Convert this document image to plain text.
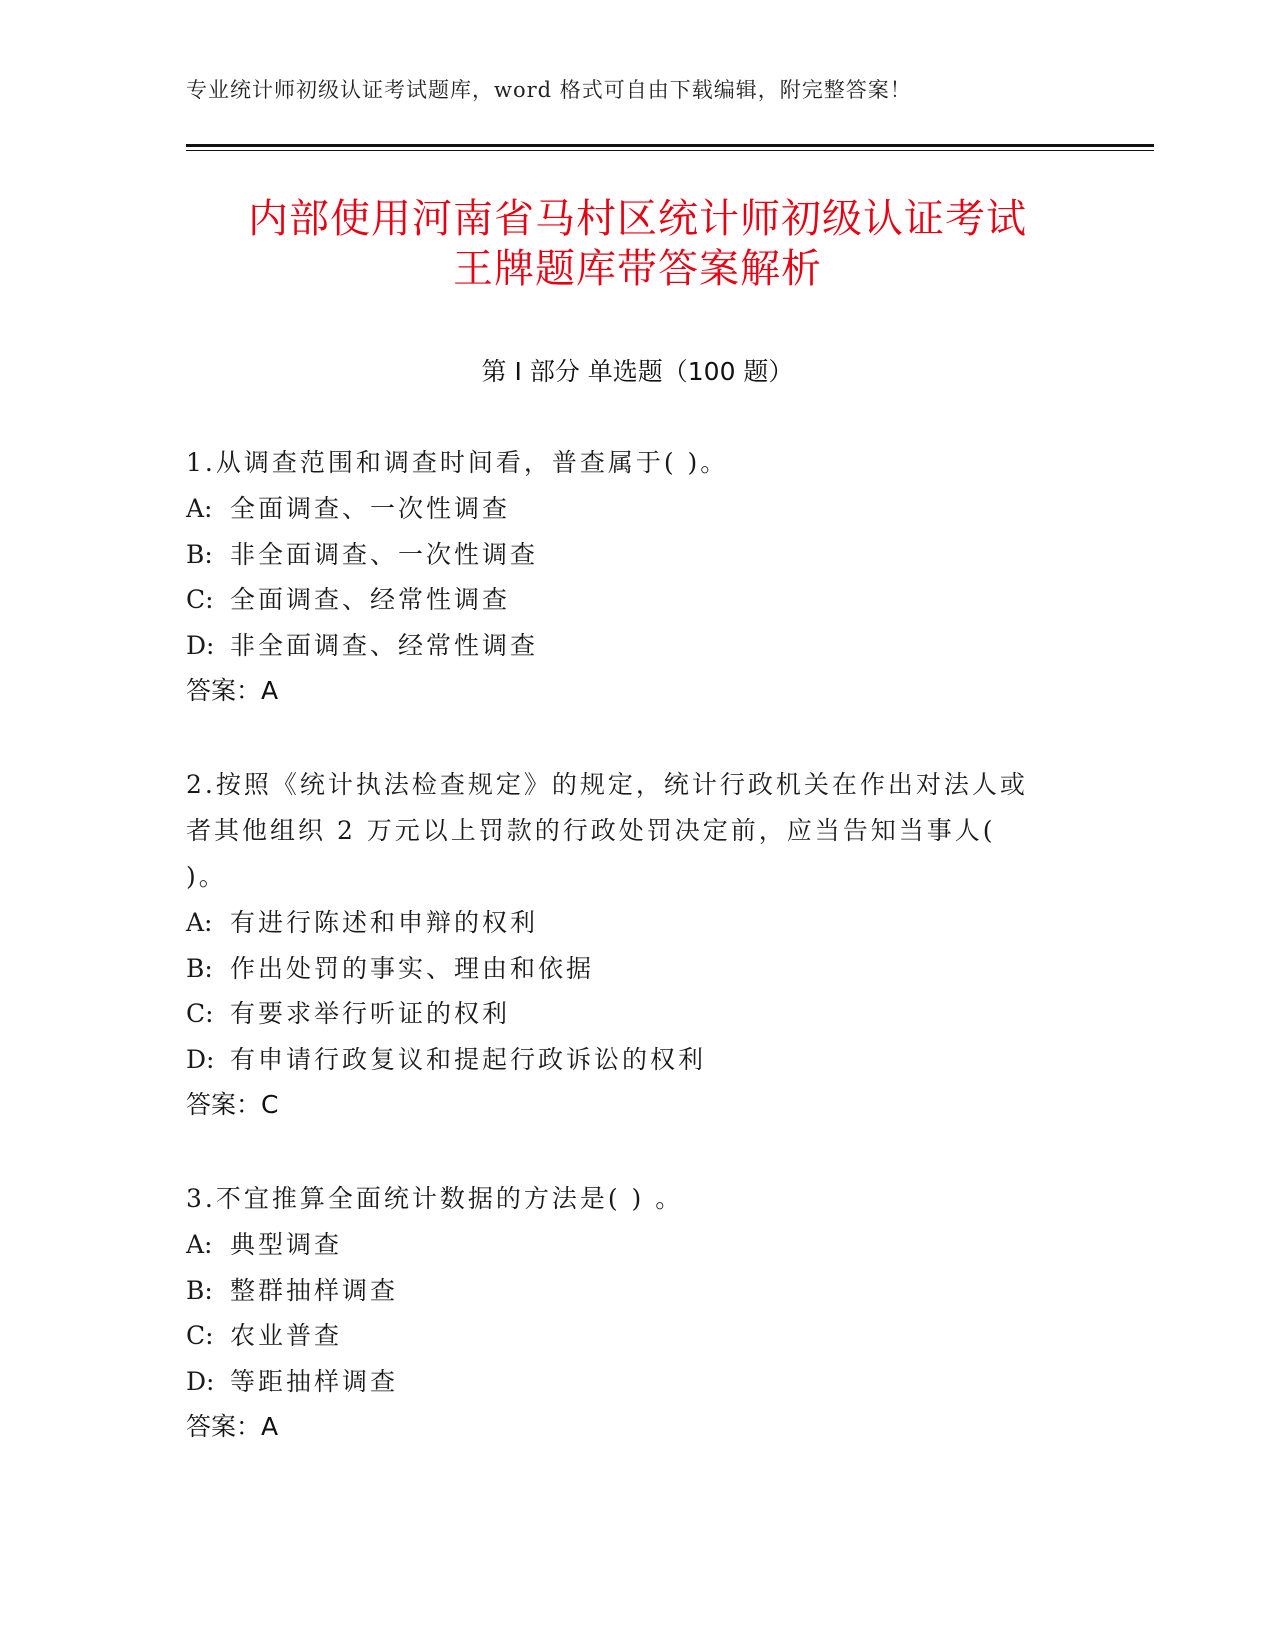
专业统计师初级认证考试题库，word 格式可自由下载编辑，附完整答案！
内部使用河南省马村区统计师初级认证考试
王牌题库带答案解析
第 I 部分 单选题（100 题）

1.从调查范围和调查时间看，普查属于( )。

A: 全面调查、一次性调查

B: 非全面调查、一次性调查

C: 全面调查、经常性调查

D: 非全面调查、经常性调查

答案：A

2.按照《统计执法检查规定》的规定，统计行政机关在作出对法人或

者其他组织 2 万元以上罚款的行政处罚决定前，应当告知当事人(

)。

A: 有进行陈述和申辩的权利

B: 作出处罚的事实、理由和依据

C: 有要求举行听证的权利

D: 有申请行政复议和提起行政诉讼的权利

答案：C

3.不宜推算全面统计数据的方法是( ) 。

A: 典型调查

B: 整群抽样调查

C: 农业普查

D: 等距抽样调查

答案：A
